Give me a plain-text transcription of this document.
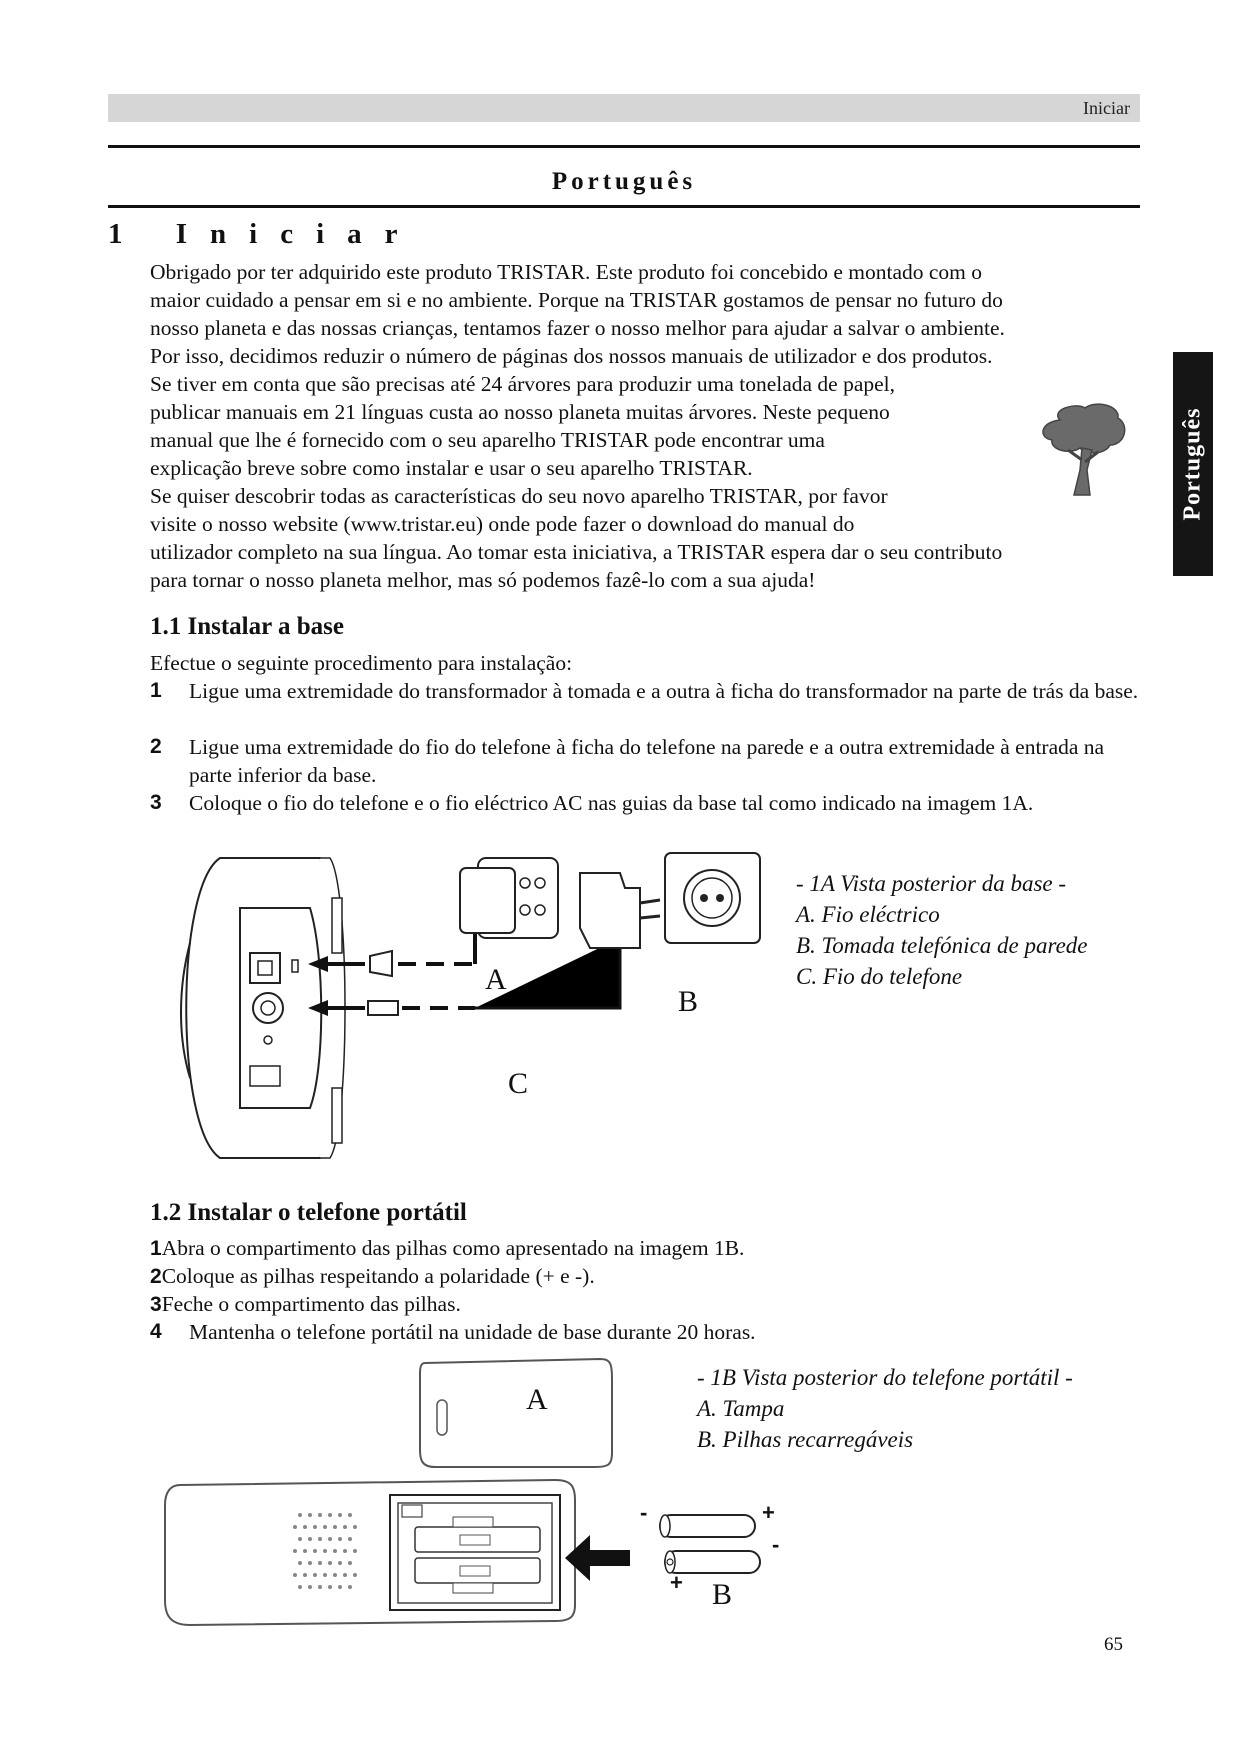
Iniciar
Português
Português
1 Iniciar
Obrigado por ter adquirido este produto TRISTAR. Este produto foi concebido e montado com o
maior cuidado a pensar em si e no ambiente. Porque na TRISTAR gostamos de pensar no futuro do
nosso planeta e das nossas crianças, tentamos fazer o nosso melhor para ajudar a salvar o ambiente.
Por isso, decidimos reduzir o número de páginas dos nossos manuais de utilizador e dos produtos.
Se tiver em conta que são precisas até 24 árvores para produzir uma tonelada de papel,
publicar manuais em 21 línguas custa ao nosso planeta muitas árvores. Neste pequeno
manual que lhe é fornecido com o seu aparelho TRISTAR pode encontrar uma
explicação breve sobre como instalar e usar o seu aparelho TRISTAR.
Se quiser descobrir todas as características do seu novo aparelho TRISTAR, por favor
visite o nosso website (www.tristar.eu) onde pode fazer o download do manual do
utilizador completo na sua língua. Ao tomar esta iniciativa, a TRISTAR espera dar o seu contributo
para tornar o nosso planeta melhor, mas só podemos fazê-lo com a sua ajuda!
1.1 Instalar a base
Efectue o seguinte procedimento para instalação:
1 Ligue uma extremidade do transformador à tomada e a outra à ficha do transformador na parte de trás da base.
2 Ligue uma extremidade do fio do telefone à ficha do telefone na parede e a outra extremidade à entrada na parte inferior da base.
3 Coloque o fio do telefone e o fio eléctrico AC nas guias da base tal como indicado na imagem 1A.
A
B
C
- 1A Vista posterior da base -
A. Fio eléctrico
B. Tomada telefónica de parede
C. Fio do telefone
1.2 Instalar o telefone portátil
1Abra o compartimento das pilhas como apresentado na imagem 1B.
2Coloque as pilhas respeitando a polaridade (+ e -).
3Feche o compartimento das pilhas.
4 Mantenha o telefone portátil na unidade de base durante 20 horas.
A
B
-	+
-
+
- 1B Vista posterior do telefone portátil -
A. Tampa
B. Pilhas recarregáveis
65
